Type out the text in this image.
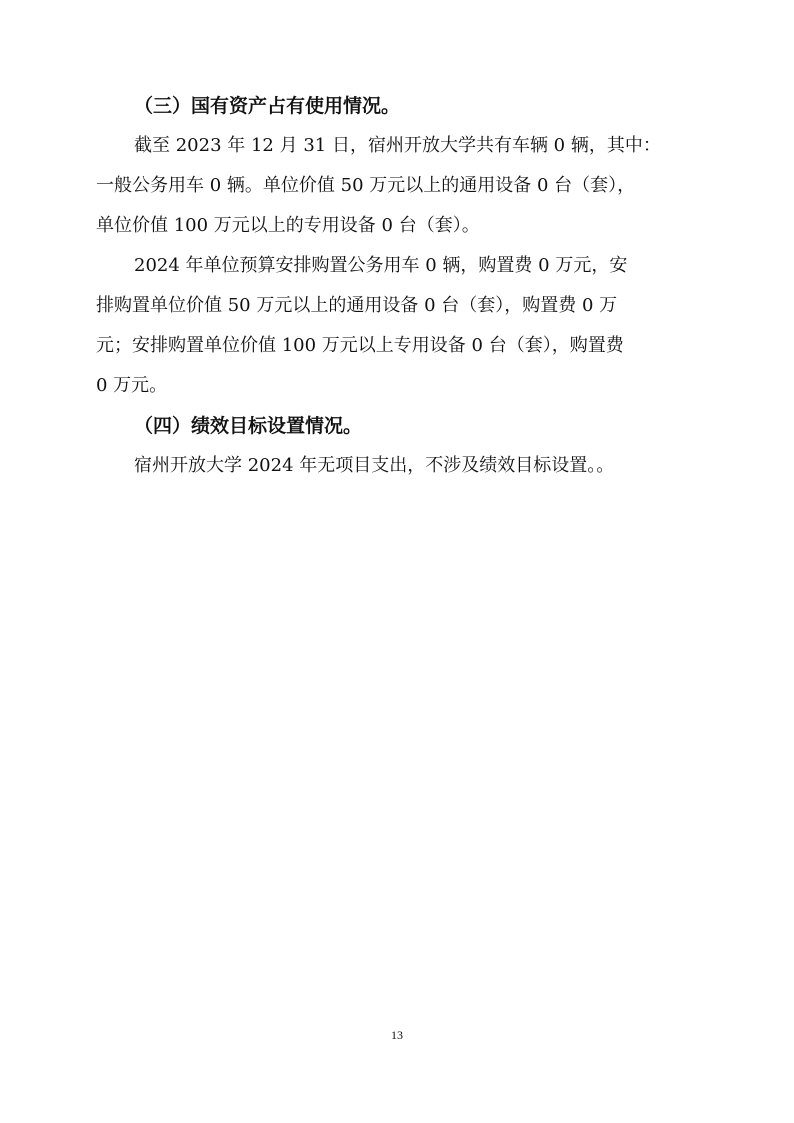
（三）国有资产占有使用情况。

截至 2023 年 12 月 31 日，宿州开放大学共有车辆 0 辆，其中：

一般公务用车 0 辆。单位价值 50 万元以上的通用设备 0 台（套），

单位价值 100 万元以上的专用设备 0 台（套）。

2024 年单位预算安排购置公务用车 0 辆，购置费 0 万元，安

排购置单位价值 50 万元以上的通用设备 0 台（套），购置费 0 万

元；安排购置单位价值 100 万元以上专用设备 0 台（套），购置费

0 万元。

（四）绩效目标设置情况。

宿州开放大学 2024 年无项目支出，不涉及绩效目标设置。。

13
